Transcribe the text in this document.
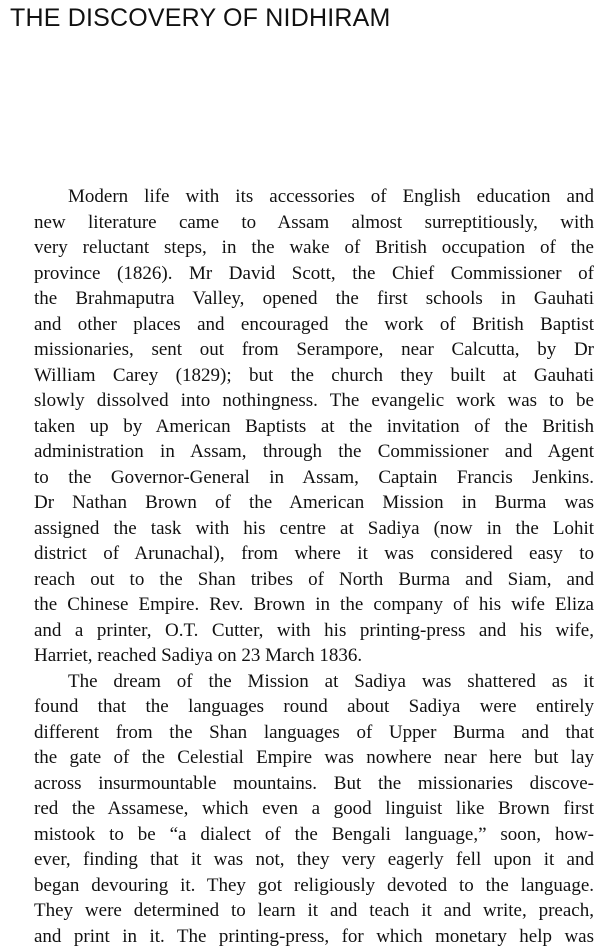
THE DISCOVERY OF NIDHIRAM
Modern life with its accessories of English education and
new literature came to Assam almost surreptitiously, with
very reluctant steps, in the wake of British occupation of the
province (1826). Mr David Scott, the Chief Commissioner of
the Brahmaputra Valley, opened the first schools in Gauhati
and other places and encouraged the work of British Baptist
missionaries, sent out from Serampore, near Calcutta, by Dr
William Carey (1829); but the church they built at Gauhati
slowly dissolved into nothingness. The evangelic work was to be
taken up by American Baptists at the invitation of the British
administration in Assam, through the Commissioner and Agent
to the Governor-General in Assam, Captain Francis Jenkins.
Dr Nathan Brown of the American Mission in Burma was
assigned the task with his centre at Sadiya (now in the Lohit
district of Arunachal), from where it was considered easy to
reach out to the Shan tribes of North Burma and Siam, and
the Chinese Empire. Rev. Brown in the company of his wife Eliza
and a printer, O.T. Cutter, with his printing-press and his wife,
Harriet, reached Sadiya on 23 March 1836.
The dream of the Mission at Sadiya was shattered as it
found that the languages round about Sadiya were entirely
different from the Shan languages of Upper Burma and that
the gate of the Celestial Empire was nowhere near here but lay
across insurmountable mountains. But the missionaries discove-
red the Assamese, which even a good linguist like Brown first
mistook to be “a dialect of the Bengali language,” soon, how-
ever, finding that it was not, they very eagerly fell upon it and
began devouring it. They got religiously devoted to the language.
They were determined to learn it and teach it and write, preach,
and print in it. The printing-press, for which monetary help was
